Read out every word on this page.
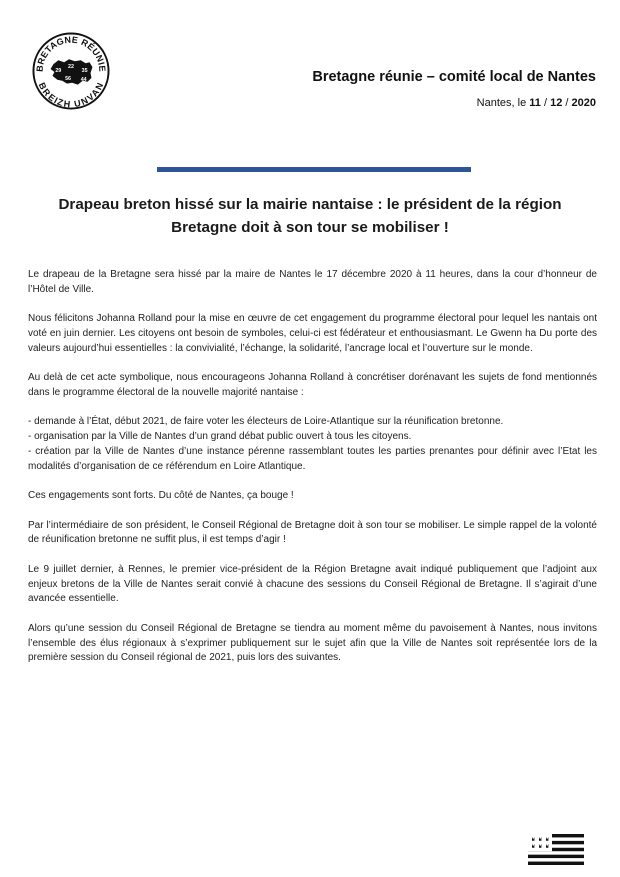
BRETAGNE RÉUNIE
BREIZH UNVAN
29
22
35
56 44	Bretagne réunie – comité local de Nantes
Nantes, le 11 / 12 / 2020
Drapeau breton hissé sur la mairie nantaise : le président de la région
Bretagne doit à son tour se mobiliser !

Le drapeau de la Bretagne sera hissé par la maire de Nantes le 17 décembre 2020 à 11 heures, dans la cour d’honneur de l’Hôtel de Ville.

Nous félicitons Johanna Rolland pour la mise en œuvre de cet engagement du programme électoral pour lequel les nantais ont voté en juin dernier. Les citoyens ont besoin de symboles, celui-ci est fédérateur et enthousiasmant. Le Gwenn ha Du porte des valeurs aujourd’hui essentielles : la convivialité, l’échange, la solidarité, l’ancrage local et l’ouverture sur le monde.

Au delà de cet acte symbolique, nous encourageons Johanna Rolland à concrétiser dorénavant les sujets de fond mentionnés dans le programme électoral de la nouvelle majorité nantaise :

- demande à l’État, début 2021, de faire voter les électeurs de Loire-Atlantique sur la réunification bretonne.

- organisation par la Ville de Nantes d’un grand débat public ouvert à tous les citoyens.

- création par la Ville de Nantes d’une instance pérenne rassemblant toutes les parties prenantes pour définir avec l’Etat les modalités d’organisation de ce référendum en Loire Atlantique.

Ces engagements sont forts. Du côté de Nantes, ça bouge !

Par l’intermédiaire de son président, le Conseil Régional de Bretagne doit à son tour se mobiliser. Le simple rappel de la volonté de réunification bretonne ne suffit plus, il est temps d’agir !

Le 9 juillet dernier, à Rennes, le premier vice-président de la Région Bretagne avait indiqué publiquement que l’adjoint aux enjeux bretons de la Ville de Nantes serait convié à chacune des sessions du Conseil Régional de Bretagne. Il s’agirait d’une avancée essentielle.

Alors qu’une session du Conseil Régional de Bretagne se tiendra au moment même du pavoisement à Nantes, nous invitons l’ensemble des élus régionaux à s’exprimer publiquement sur le sujet afin que la Ville de Nantes soit représentée lors de la première session du Conseil régional de 2021, puis lors des suivantes.
